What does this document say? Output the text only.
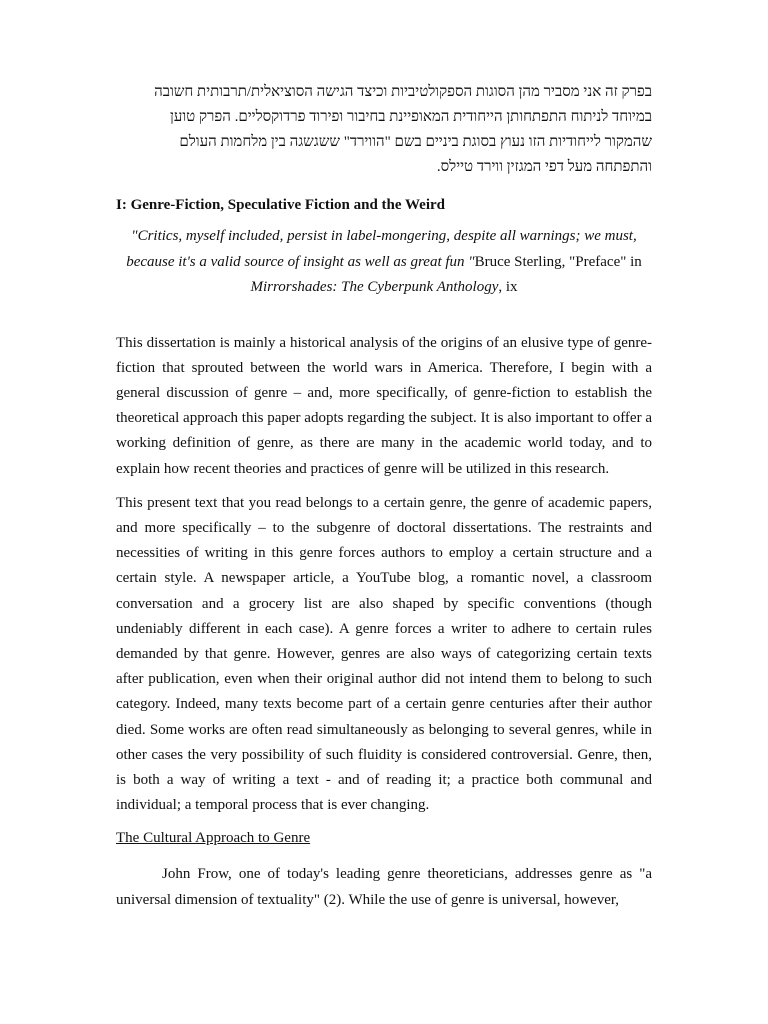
בפרק זה אני מסביר מהן הסוגות הספקולטיביות וכיצד הגישה הסוציאלית/תרבותית חשובה
במיוחד לניתוח התפתחותן הייחודית המאופיינת בחיבור ופירוד פרדוקסליים. הפרק טוען
שהמקור לייחודיות הזו נעוץ בסוגת ביניים בשם "הווירד" ששגשגה בין מלחמות העולם
והתפתחה מעל דפי המגזין ווירד טיילס.
I: Genre-Fiction, Speculative Fiction and the Weird
"Critics, myself included, persist in label-mongering, despite all warnings; we must,
because it's a valid source of insight as well as great fun "Bruce Sterling, "Preface" in
Mirrorshades: The Cyberpunk Anthology, ix

This dissertation is mainly a historical analysis of the origins of an elusive type of genre-fiction that sprouted between the world wars in America. Therefore, I begin with a general discussion of genre – and, more specifically, of genre-fiction to establish the theoretical approach this paper adopts regarding the subject. It is also important to offer a working definition of genre, as there are many in the academic world today, and to explain how recent theories and practices of genre will be utilized in this research.

This present text that you read belongs to a certain genre, the genre of academic papers, and more specifically – to the subgenre of doctoral dissertations. The restraints and necessities of writing in this genre forces authors to employ a certain structure and a certain style. A newspaper article, a YouTube blog, a romantic novel, a classroom conversation and a grocery list are also shaped by specific conventions (though undeniably different in each case). A genre forces a writer to adhere to certain rules demanded by that genre. However, genres are also ways of categorizing certain texts after publication, even when their original author did not intend them to belong to such category. Indeed, many texts become part of a certain genre centuries after their author died. Some works are often read simultaneously as belonging to several genres, while in other cases the very possibility of such fluidity is considered controversial. Genre, then, is both a way of writing a text - and of reading it; a practice both communal and individual; a temporal process that is ever changing.

The Cultural Approach to Genre

John Frow, one of today's leading genre theoreticians, addresses genre as "a universal dimension of textuality" (2). While the use of genre is universal, however,
